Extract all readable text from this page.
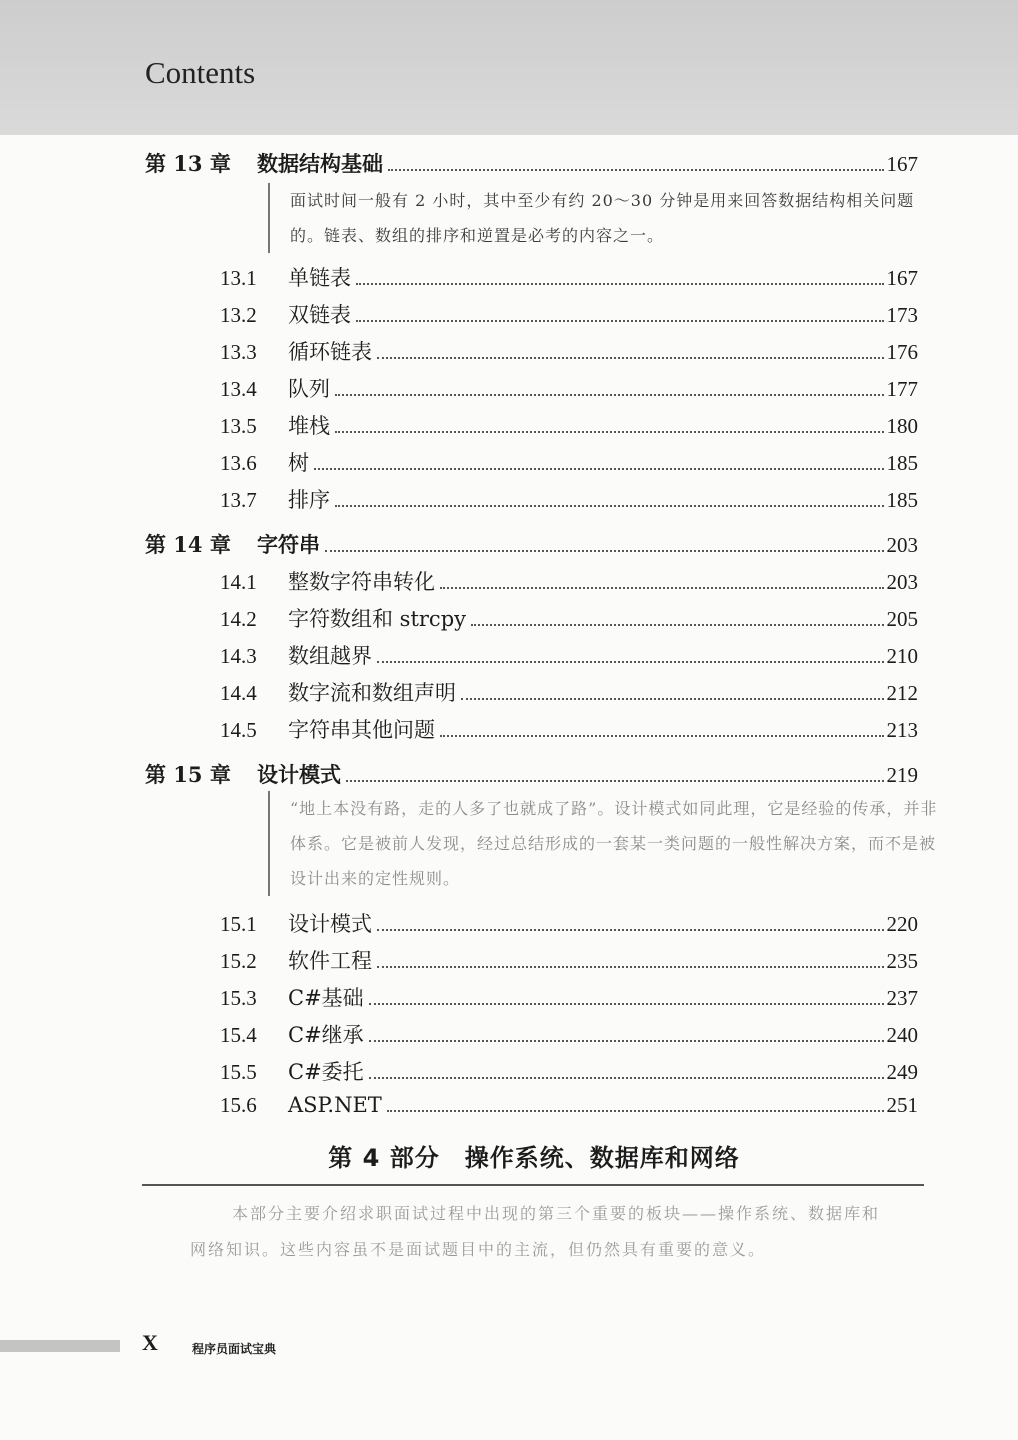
Contents
第 13 章	数据结构基础	167
面试时间一般有 2 小时，其中至少有约 20～30 分钟是用来回答数据结构相关问题的。链表、数组的排序和逆置是必考的内容之一。
13.1	单链表	167
13.2	双链表	173
13.3	循环链表	176
13.4	队列	177
13.5	堆栈	180
13.6	树	185
13.7	排序	185
第 14 章	字符串	203
14.1	整数字符串转化	203
14.2	字符数组和 strcpy	205
14.3	数组越界	210
14.4	数字流和数组声明	212
14.5	字符串其他问题	213
第 15 章	设计模式	219
“地上本没有路，走的人多了也就成了路”。设计模式如同此理，它是经验的传承，并非体系。它是被前人发现，经过总结形成的一套某一类问题的一般性解决方案，而不是被设计出来的定性规则。
15.1	设计模式	220
15.2	软件工程	235
15.3	C#基础	237
15.4	C#继承	240
15.5	C#委托	249
15.6	ASP.NET	251
第 4 部分　操作系统、数据库和网络
本部分主要介绍求职面试过程中出现的第三个重要的板块——操作系统、数据库和网络知识。这些内容虽不是面试题目中的主流，但仍然具有重要的意义。
X	程序员面试宝典
